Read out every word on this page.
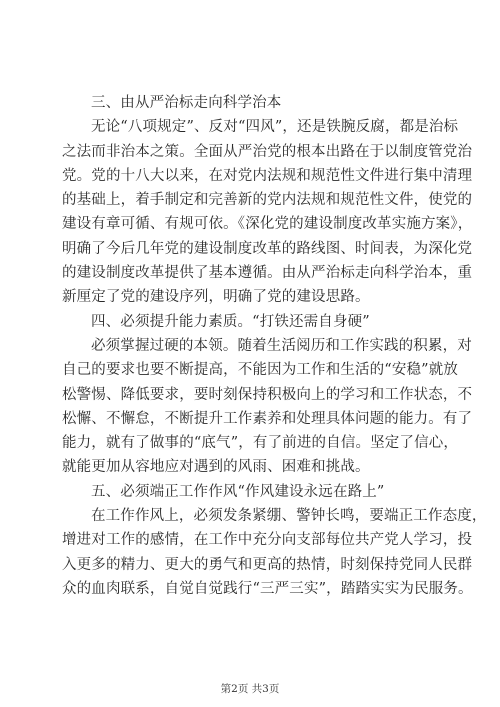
三、由从严治标走向科学治本
无论“八项规定”、反对“四风”，还是铁腕反腐，都是治标
之法而非治本之策。全面从严治党的根本出路在于以制度管党治
党。党的十八大以来，在对党内法规和规范性文件进行集中清理
的基础上，着手制定和完善新的党内法规和规范性文件，使党的
建设有章可循、有规可依。《深化党的建设制度改革实施方案》，
明确了今后几年党的建设制度改革的路线图、时间表，为深化党
的建设制度改革提供了基本遵循。由从严治标走向科学治本，重
新厘定了党的建设序列，明确了党的建设思路。
四、必须提升能力素质。“打铁还需自身硬”
必须掌握过硬的本领。随着生活阅历和工作实践的积累，对
自己的要求也要不断提高，不能因为工作和生活的“安稳”就放
松警惕、降低要求，要时刻保持积极向上的学习和工作状态，不
松懈、不懈怠，不断提升工作素养和处理具体问题的能力。有了
能力，就有了做事的“底气”，有了前进的自信。坚定了信心，
就能更加从容地应对遇到的风雨、困难和挑战。
五、必须端正工作作风“作风建设永远在路上”
在工作作风上，必须发条紧绷、警钟长鸣，要端正工作态度，
增进对工作的感情，在工作中充分向支部每位共产党人学习，投
入更多的精力、更大的勇气和更高的热情，时刻保持党同人民群
众的血肉联系，自觉自觉践行“三严三实”，踏踏实实为民服务。
第2页 共3页
